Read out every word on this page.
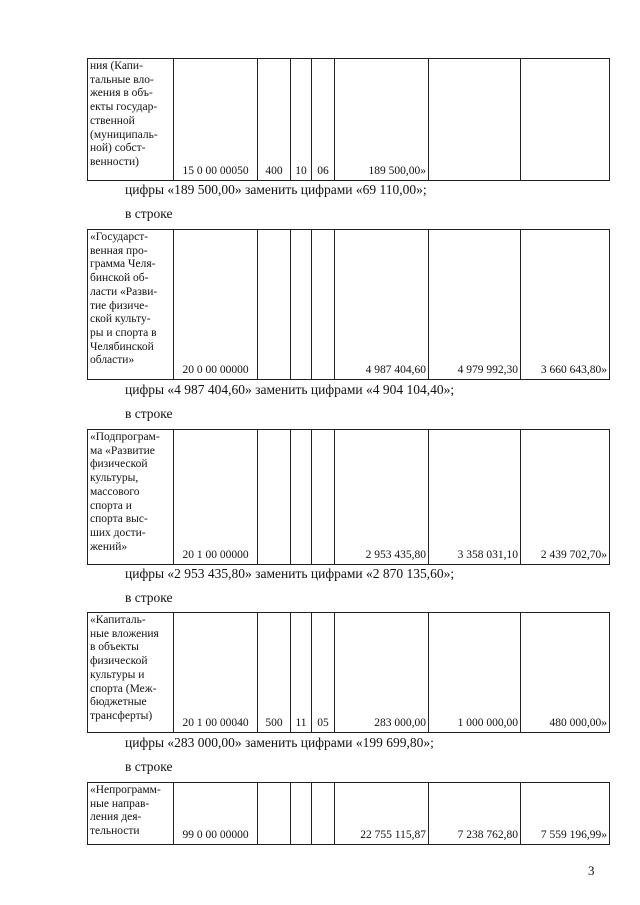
ния (Капи-
тальные вло-
жения в объ-
екты государ-
ственной
(муниципаль-
ной) собст-
венности)
	15 0 00 00050	400	10	06	189 500,00»		
цифры «189 500,00» заменить цифрами «69 110,00»;
в строке
«Государст-
венная про-
грамма Челя-
бинской об-
ласти «Разви-
тие физиче-
ской культу-
ры и спорта в
Челябинской
области»
	20 0 00 00000				4 987 404,60	4 979 992,30	3 660 643,80»
цифры «4 987 404,60» заменить цифрами «4 904 104,40»;
в строке
«Подпрограм-
ма «Развитие
физической
культуры,
массового
спорта и
спорта выс-
ших дости-
жений»
	20 1 00 00000				2 953 435,80	3 358 031,10	2 439 702,70»
цифры «2 953 435,80» заменить цифрами «2 870 135,60»;
в строке
«Капиталь-
ные вложения
в объекты
физической
культуры и
спорта (Меж-
бюджетные
трансферты)
	20 1 00 00040	500	11	05	283 000,00	1 000 000,00	480 000,00»
цифры «283 000,00» заменить цифрами «199 699,80»;
в строке
«Непрограмм-
ные направ-
ления дея-
тельности	99 0 00 00000				22 755 115,87	7 238 762,80	7 559 196,99»
3
